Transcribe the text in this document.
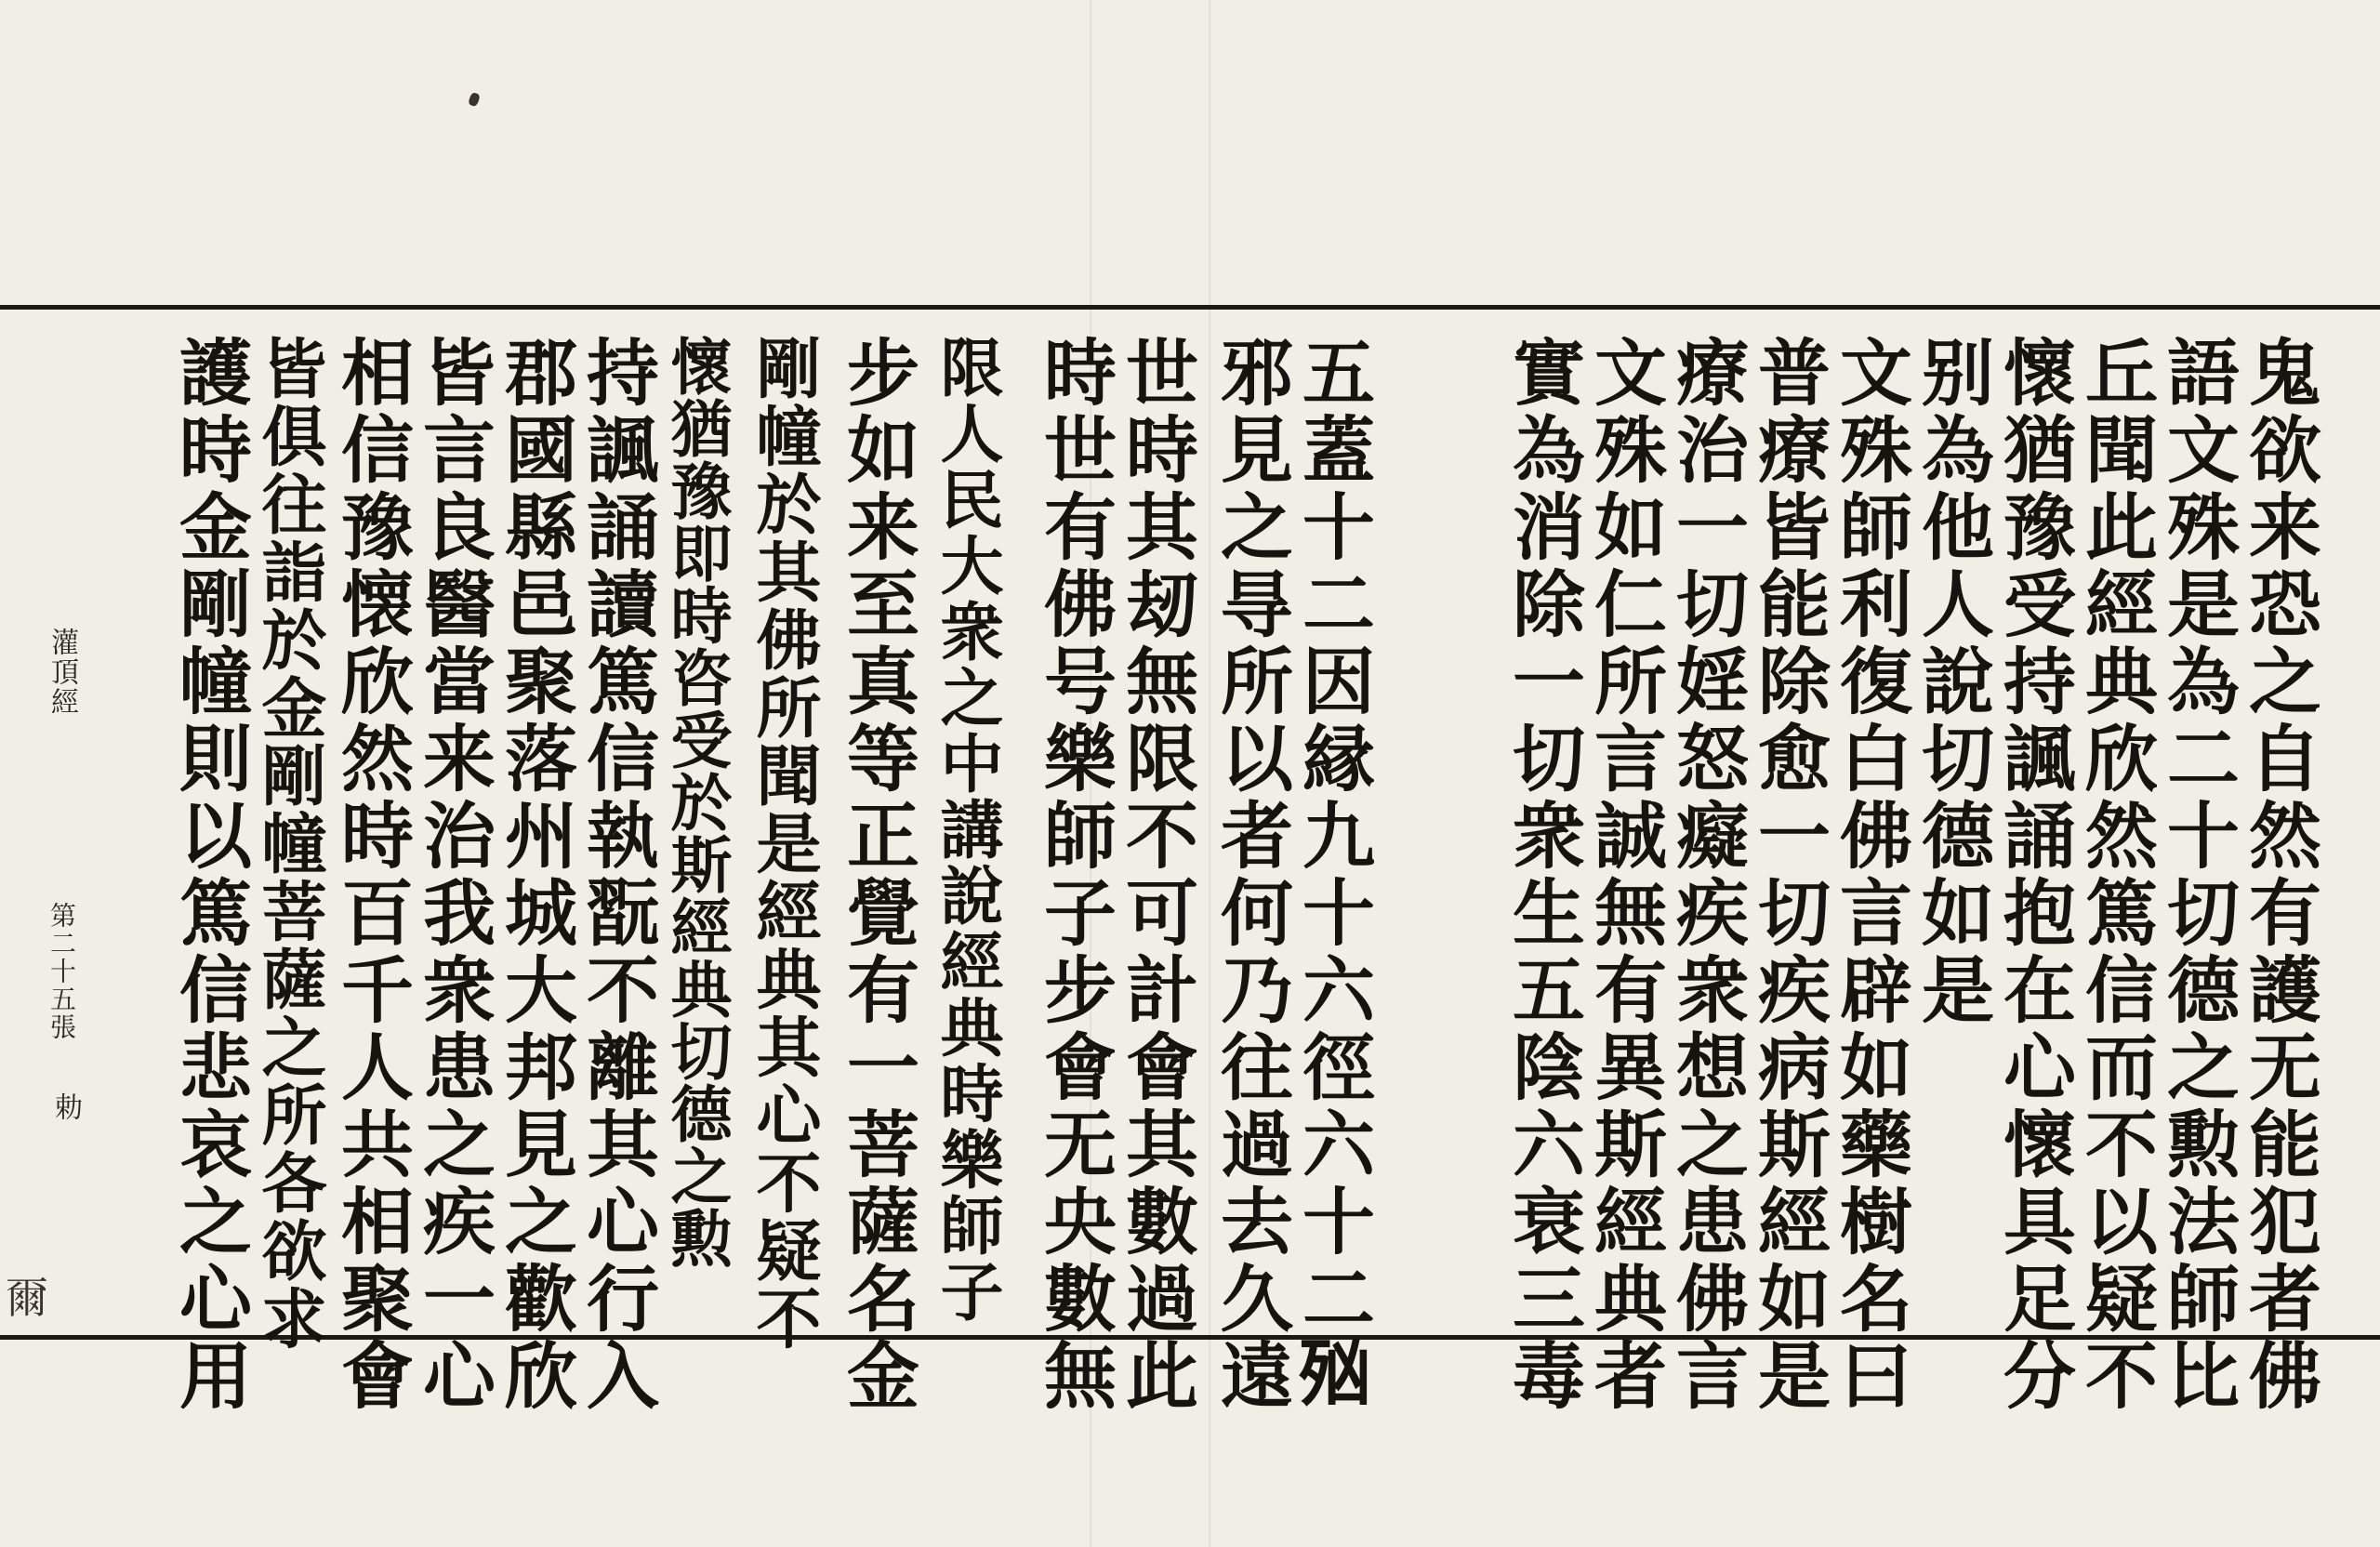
鬼欲来恐之自然有護无能犯者佛
語文殊是為二十切德之勲法師比
丘聞此經典欣然篤信而不以疑不
懷猶豫受持諷誦抱在心懷具足分
别為他人說切德如是
文殊師利復白佛言辟如藥樹名曰
普療皆能除愈一切疾病斯經如是
療治一切婬怒癡疾衆想之患佛言
文殊如仁所言誠無有異斯經典者
實為消除一切衆生五陰六衰三毒
五蓋十二因縁九十六徑六十二𣧑
邪見之㝵所以者何乃往過去久遠
世時其刼無限不可計會其數過此
時世有佛号樂師子步會无央數無
限人民大衆之中講說經典時樂師子
步如来至真等正覺有一菩薩名金
剛幢於其佛所聞是經典其心不疑不
懷猶豫即時咨受於斯經典切德之勲
持諷誦讀篤信執翫不離其心行入
郡國縣邑聚落州城大邦見之歡欣
皆言良醫當来治我衆患之疾一心
相信豫懐欣然時百千人共相聚會
皆俱往詣於金剛幢菩薩之所各欲求
護時金剛幢則以篤信悲哀之心用
灌頂經
第二十五張
勅
爾
